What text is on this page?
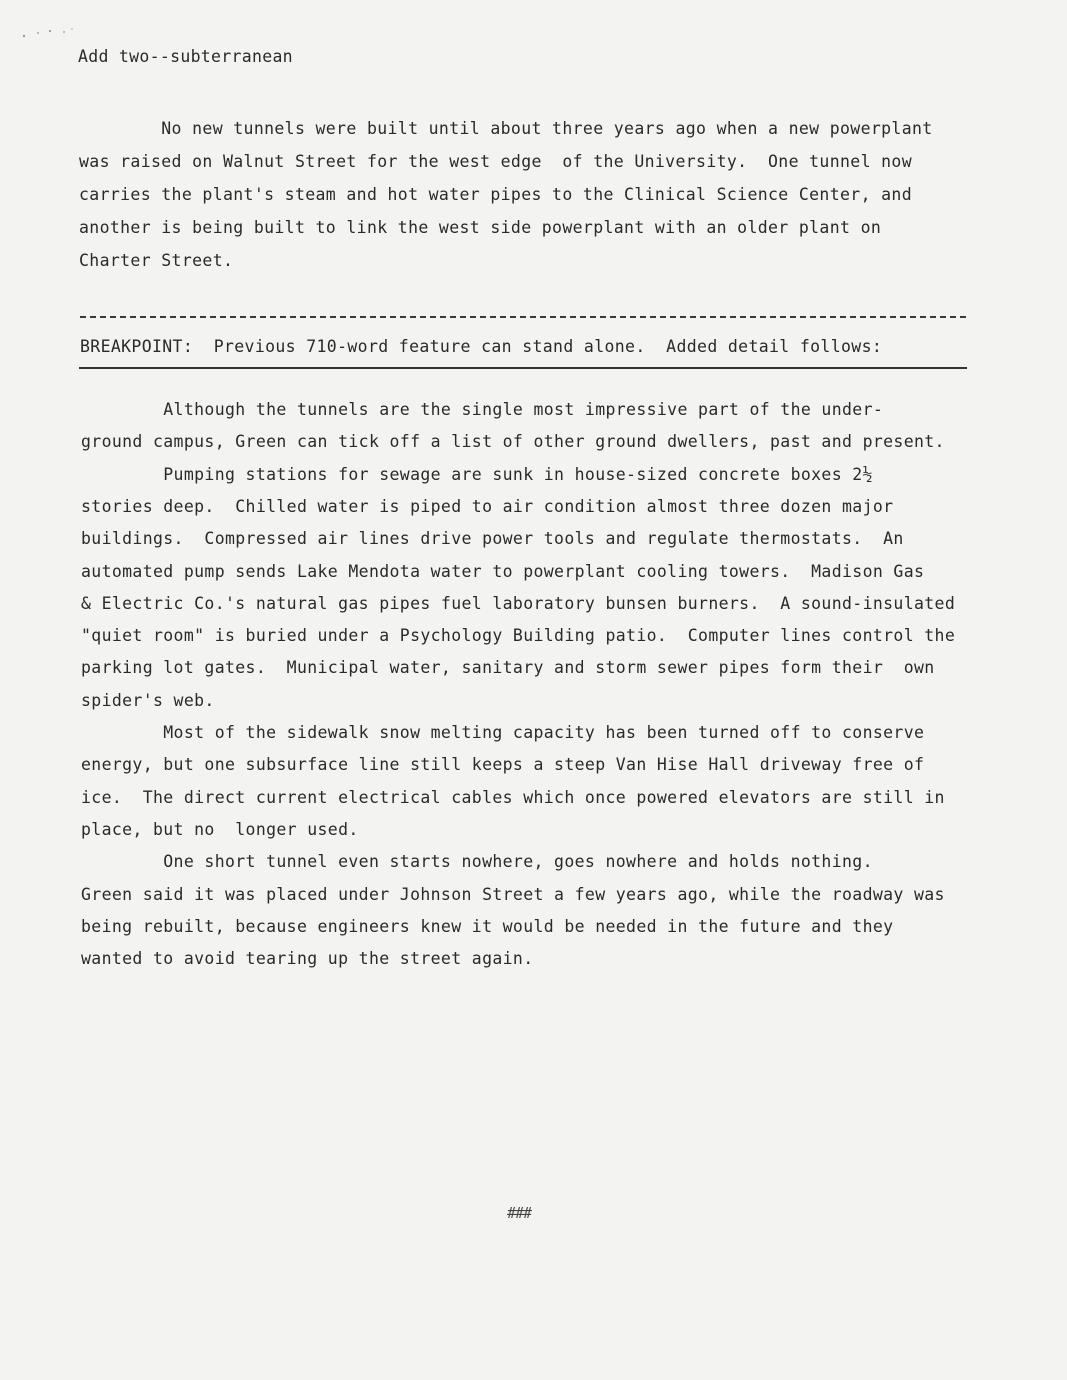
Add two--subterranean
No new tunnels were built until about three years ago when a new powerplant
was raised on Walnut Street for the west edge  of the University.  One tunnel now
carries the plant's steam and hot water pipes to the Clinical Science Center, and
another is being built to link the west side powerplant with an older plant on
Charter Street.
BREAKPOINT:  Previous 710-word feature can stand alone.  Added detail follows:
Although the tunnels are the single most impressive part of the under-
ground campus, Green can tick off a list of other ground dwellers, past and present.
Pumping stations for sewage are sunk in house-sized concrete boxes 2½
stories deep.  Chilled water is piped to air condition almost three dozen major
buildings.  Compressed air lines drive power tools and regulate thermostats.  An
automated pump sends Lake Mendota water to powerplant cooling towers.  Madison Gas
& Electric Co.'s natural gas pipes fuel laboratory bunsen burners.  A sound-insulated
"quiet room" is buried under a Psychology Building patio.  Computer lines control the
parking lot gates.  Municipal water, sanitary and storm sewer pipes form their  own
spider's web.
Most of the sidewalk snow melting capacity has been turned off to conserve
energy, but one subsurface line still keeps a steep Van Hise Hall driveway free of
ice.  The direct current electrical cables which once powered elevators are still in
place, but no  longer used.
One short tunnel even starts nowhere, goes nowhere and holds nothing.
Green said it was placed under Johnson Street a few years ago, while the roadway was
being rebuilt, because engineers knew it would be needed in the future and they
wanted to avoid tearing up the street again.
###
